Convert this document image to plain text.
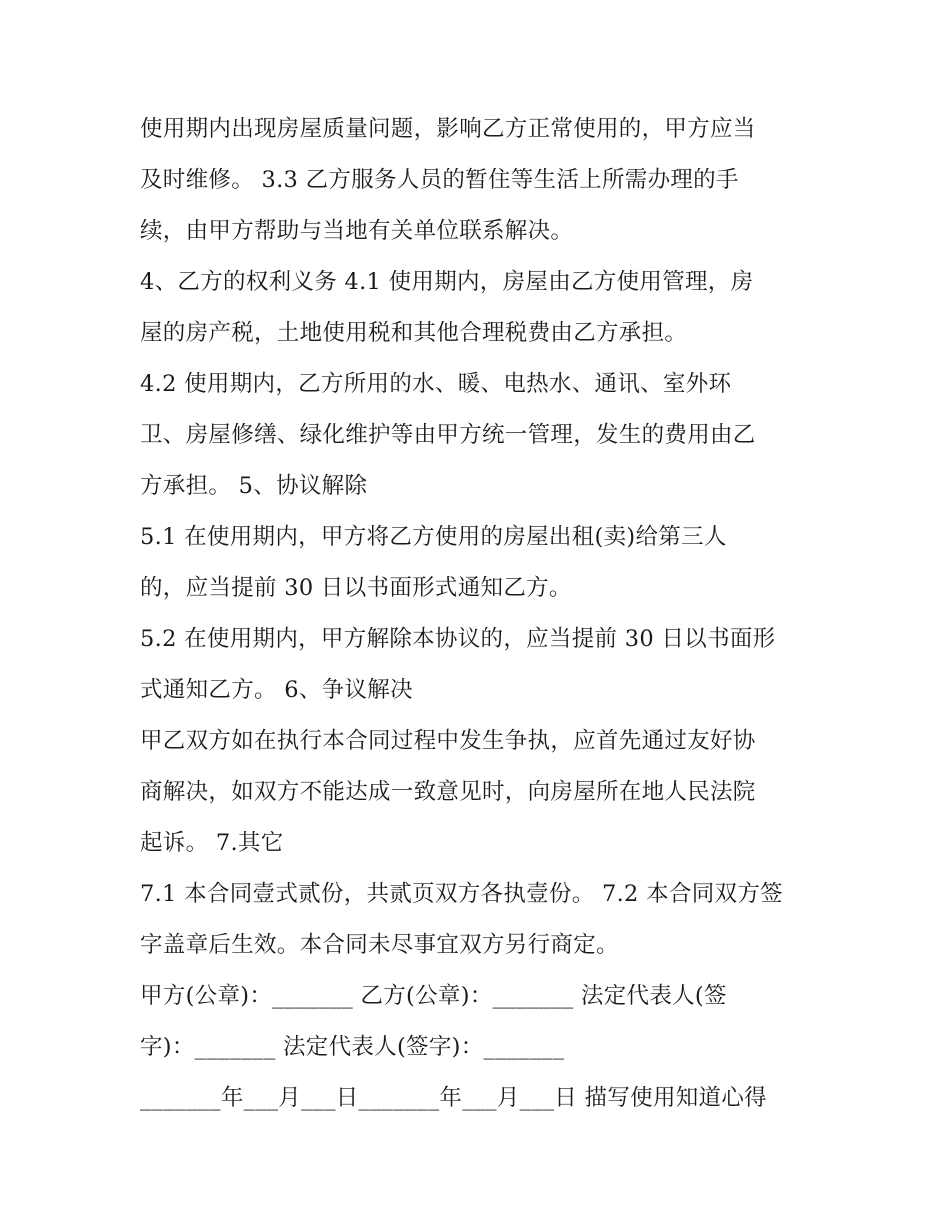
使用期内出现房屋质量问题，影响乙方正常使用的，甲方应当
及时维修。 3.3 乙方服务人员的暂住等生活上所需办理的手
续，由甲方帮助与当地有关单位联系解决。
4、乙方的权利义务 4.1 使用期内，房屋由乙方使用管理，房
屋的房产税，土地使用税和其他合理税费由乙方承担。
4.2 使用期内，乙方所用的水、暖、电热水、通讯、室外环
卫、房屋修缮、绿化维护等由甲方统一管理，发生的费用由乙
方承担。 5、协议解除
5.1 在使用期内，甲方将乙方使用的房屋出租(卖)给第三人
的，应当提前 30 日以书面形式通知乙方。
5.2 在使用期内，甲方解除本协议的，应当提前 30 日以书面形
式通知乙方。 6、争议解决
甲乙双方如在执行本合同过程中发生争执，应首先通过友好协
商解决，如双方不能达成一致意见时，向房屋所在地人民法院
起诉。 7.其它
7.1 本合同壹式贰份，共贰页双方各执壹份。 7.2 本合同双方签
字盖章后生效。本合同未尽事宜双方另行商定。
甲方(公章)：_______ 乙方(公章)：_______ 法定代表人(签
字)：_______ 法定代表人(签字)：_______
_______年___月___日_______年___月___日 描写使用知道心得
